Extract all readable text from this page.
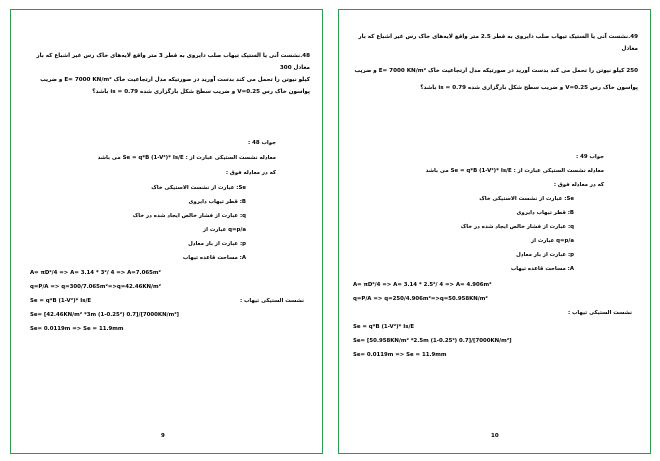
48.نشست آنی یا الستیک تیهاب صلب دایروی به قطر 3 متر واقع لایه‌های خاک رس غیر اشباع که بار معادل 300
کیلو نیوتن را تحمل می کند بدست آورید در صورتیکه مدل ارتجاعیت خاک E= 7000 KN/m² و ضریب
پواسون خاک رس 0.25=V و ضریب سطح شکل بارگزاری شده is = 0.79 باشد؟
جواب 48 :
معادله نشست الستیکی عبارت از : Se = q*B (1-V²)* Is/E می باشد
که در معادله فوق :
Se: عبارت از نشست الاستیکی خاک
B: قطر تیهاب دایروی
q: عبارت از فشار خالص ایجاد شده در خاک
q=p/a عبارت از
p: عبارت از بار معادل
A: مساحت قاعده تیهاب
A= πD²/4 => A= 3.14 * 3²/ 4 => A=7.065m²
q=P/A => q=300/7.065m²=>q=42.46KN/m²
نشست الستیکی تیهاب :
Se = q*B (1-V²)* Is/E
Se= [42.46KN/m² *3m (1-0.25²) 0.7]/[7000KN/m²]
Se= 0.0119m => Se = 11.9mm
9
49.نشست آنی یا الستیک تیهاب صلب دایروی به قطر 2.5 متر واقع لایه‌های خاک رس غیر اشباع که بار معادل
250 کیلو نیوتن را تحمل می کند بدست آورید در صورتیکه مدل ارتجاعیت خاک E= 7000 KN/m² و ضریب
پواسون خاک رس 0.25=V و ضریب سطح شکل بارگزاری شده is = 0.79 باشد؟
جواب 49 :
معادله نشست الستیکی عبارت از : Se = q*B (1-V²)* Is/E می باشد
که در معادله فوق :
Se: عبارت از نشست الاستیکی خاک
B: قطر تیهاب دایروی
q: عبارت از فشار خالص ایجاد شده در خاک
q=p/a عبارت از
p: عبارت از بار معادل
A: مساحت قاعده تیهاب
A= πD²/4 => A= 3.14 * 2.5²/ 4 => A= 4.906m²
q=P/A => q=250/4.906m²=>q=50.958KN/m²
نشست الستیکی تیهاب :
Se = q*B (1-V²)* Is/E
Se= [50.958KN/m² *2.5m (1-0.25²) 0.7]/[7000KN/m²]
Se= 0.0119m => Se = 11.9mm
10
